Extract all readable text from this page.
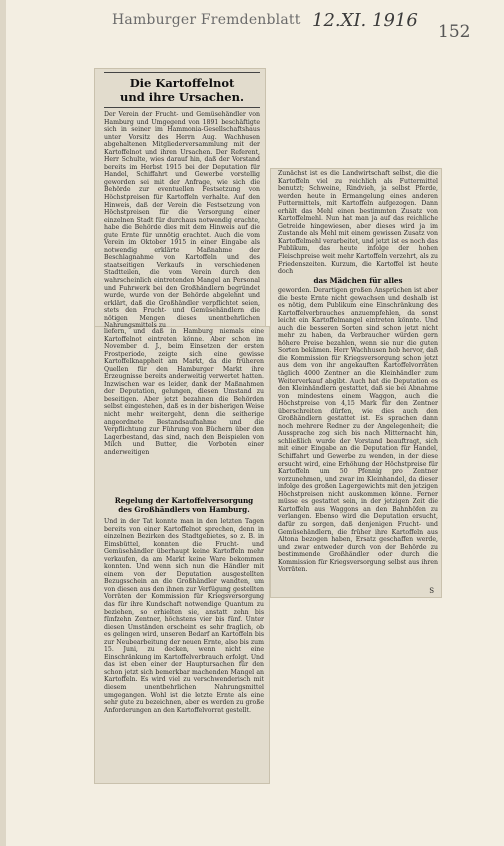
Hamburger Fremdenblatt 12.XI. 1916
152
Die Kartoffelnot
und ihre Ursachen.
Der Verein der Frucht- und Gemüsehändler von Hamburg und Umgegend von 1891 beschäftigte sich in seiner im Hammonia-Gesellschaftshaus unter Vorsitz des Herrn Aug. Wachhusen abgehaltenen Mitgliederversammlung mit der Kartoffelnot und ihren Ursachen. Der Referent, Herr Schulte, wies darauf hin, daß der Vorstand bereits im Herbst 1915 bei der Deputation für Handel, Schiffahrt und Gewerbe vorstellig geworden sei mit der Anfrage, wie sich die Behörde zur eventuellen Festsetzung von Höchstpreisen für Kartoffeln verhalte. Auf den Hinweis, daß der Verein die Festsetzung von Höchstpreisen für die Versorgung einer einzelnen Stadt für durchaus notwendig erachte, habe die Behörde dies mit dem Hinweis auf die gute Ernte für unnötig erachtet. Auch die vom Verein im Oktober 1915 in einer Eingabe als notwendig erklärte Maßnahme der Beschlagnahme von Kartoffeln und des staatseitigen Verkaufs in verschiedenen Stadtteilen, die vom Verein durch den wahrscheinlich eintretenden Mangel an Personal und Fuhrwerk bei den Großhändlern begründet wurde, wurde von der Behörde abgelehnt und erklärt, daß die Großhändler verpflichtet seien, stets den Frucht- und Gemüsehändlern die nötigen Mengen dieses unentbehrlichen Nahrungsmittels zu
liefern, und daß in Hamburg niemals eine Kartoffelnot eintreten könne. Aber schon im November d. J., beim Einsetzen der ersten Frostperiode, zeigte sich eine gewisse Kartoffelknappheit am Markt, da die früheren Quellen für den Hamburger Markt ihre Erzeugnisse bereits anderweitig verwertet hatten. Inzwischen war es leider, dank der Maßnahmen der Deputation, gelungen, diesen Umstand zu beseitigen. Aber jetzt bezahnen die Behörden selbst eingestehen, daß es in der bisherigen Weise nicht mehr weitergeht, denn die seitherige angeordnete Bestandsaufnahme und die Verpflichtung zur Führung von Büchern über den Lagerbestand, das sind, nach den Beispielen von Milch und Butter, die Vorboten einer anderweitigen
Regelung der Kartoffelversorgung
des Großhändlers von Hamburg.
Und in der Tat konnte man in den letzten Tagen bereits von einer Kartoffelnot sprechen, denn in einzelnen Bezirken des Stadtgebietes, so z. B. in Eimsbüttel, konnten die Frucht- und Gemüsehändler überhaupt keine Kartoffeln mehr verkaufen, da am Markt keine Ware bekommen konnten. Und wenn sich nun die Händler mit einem von der Deputation ausgestellten Bezugsschein an die Großhändler wandten, um von diesen aus den ihnen zur Verfügung gestellten Vorräten der Kommission für Kriegsversorgung das für ihre Kundschaft notwendige Quantum zu beziehen, so erhielten sie, anstatt zehn bis fünfzehn Zentner, höchstens vier bis fünf. Unter diesen Umständen erscheint es sehr fraglich, ob es gelingen wird, unseren Bedarf an Kartoffeln bis zur Neubearbeitung der neuen Ernte, also bis zum 15. Juni, zu decken, wenn nicht eine Einschränkung im Kartoffelverbrauch erfolgt. Und das ist eben einer der Hauptursachen für den schon jetzt sich bemerkbar machenden Mangel an Kartoffeln. Es wird viel zu verschwenderisch mit diesem unentbehrlichen Nahrungsmittel umgegangen. Wohl ist die letzte Ernte als eine sehr gute zu bezeichnen, aber es werden zu große Anforderungen an den Kartoffelvorrat gestellt.
Zunächst ist es die Landwirtschaft selbst, die die Kartoffeln viel zu reichlich als Futtermittel benutzt; Schweine, Rindvieh, ja selbst Pferde, werden heute in Ermangelung eines anderen Futtermittels, mit Kartoffeln aufgezogen. Dann erhält das Mehl einen bestimmten Zusatz von Kartoffelmehl. Nun hat man ja auf das reichliche Getreide hingewiesen, aber dieses wird ja im Zustande als Mehl mit einem gewissen Zusatz von Kartoffelmehl verarbeitet, und jetzt ist es noch das Publikum, das heute infolge der hohen Fleischpreise weit mehr Kartoffeln verzehrt, als zu Friedenszeiten. Kurzum, die Kartoffel ist heute doch
das Mädchen für alles
geworden. Derartigen großen Ansprüchen ist aber die beste Ernte nicht gewachsen und deshalb ist es nötig, dem Publikum eine Einschränkung des Kartoffelverbrauches anzuempfehlen, da sonst leicht ein Kartoffelmangel eintreten könnte. Und auch die besseren Sorten sind schon jetzt nicht mehr zu haben, da Verbraucher würden gern höhere Preise bezahlen, wenn sie nur die guten Sorten bekämen. Herr Wachhusen hob hervor, daß die Kommission für Kriegsversorgung schon jetzt aus dem von ihr angekauften Kartoffelvorräten täglich 4000 Zentner an die Kleinhändler zum Weiterverkauf abgibt. Auch hat die Deputation es den Kleinhändlern gestattet, daß sie bei Abnahme von mindestens einem Waggon, auch die Höchstpreise von 4,15 Mark für den Zentner überschreiten dürfen, wie dies auch den Großhändlern gestattet ist. Es sprachen dann noch mehrere Redner zu der Angelegenheit; die Aussprache zog sich bis nach Mitternacht hin, schließlich wurde der Vorstand beauftragt, sich mit einer Eingabe an die Deputation für Handel, Schiffahrt und Gewerbe zu wenden, in der diese ersucht wird, eine Erhöhung der Höchstpreise für Kartoffeln um 50 Pfennig pro Zentner vorzunehmen, und zwar im Kleinhandel, da dieser infolge des großen Lagergewichts mit den jetzigen Höchstpreisen nicht auskommen könne. Ferner müsse es gestattet sein, in der jetzigen Zeit die Kartoffeln aus Waggons an den Bahnhöfen zu verlangen. Ebenso wird die Deputation ersucht, dafür zu sorgen, daß denjenigen Frucht- und Gemüsehändlern, die früher ihre Kartoffeln aus Altona bezogen haben, Ersatz geschaffen werde, und zwar entweder durch von der Behörde zu bestimmende Großhändler oder durch die Kommission für Kriegsversorgung selbst aus ihren Vorräten.
S
